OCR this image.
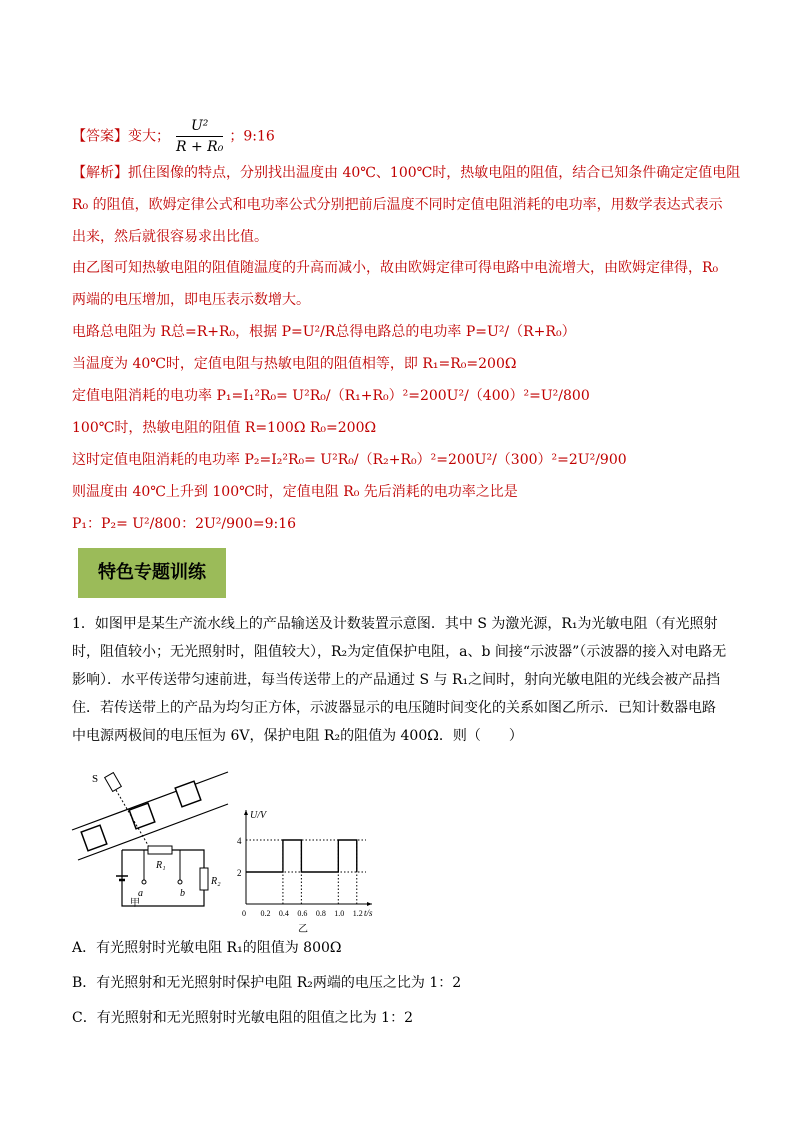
【答案】变大； $\frac{\text{U²}}{\text{R + R₀}}$ ；9:16
【解析】抓住图像的特点，分别找出温度由 40℃、100℃时，热敏电阻的阻值，结合已知条件确定定值电阻
R₀ 的阻值，欧姆定律公式和电功率公式分别把前后温度不同时定值电阻消耗的电功率，用数学表达式表示
出来，然后就很容易求出比值。
由乙图可知热敏电阻的阻值随温度的升高而减小，故由欧姆定律可得电路中电流增大，由欧姆定律得，R₀
两端的电压增加，即电压表示数增大。
电路总电阻为 R总=R+R₀，根据 P=U²/R总得电路总的电功率 P=U²/（R+R₀）
当温度为 40℃时，定值电阻与热敏电阻的阻值相等，即 R₁=R₀=200Ω
定值电阻消耗的电功率 P₁=I₁²R₀= U²R₀/（R₁+R₀）²=200U²/（400）²=U²/800
100℃时，热敏电阻的阻值 R=100Ω R₀=200Ω
这时定值电阻消耗的电功率 P₂=I₂²R₀= U²R₀/（R₂+R₀）²=200U²/（300）²=2U²/900
则温度由 40℃上升到 100℃时，定值电阻 R₀ 先后消耗的电功率之比是
P₁：P₂= U²/800：2U²/900=9:16
特色专题训练
1．如图甲是某生产流水线上的产品输送及计数装置示意图．其中 S 为激光源，R₁为光敏电阻（有光照射时，阻值较小；无光照射时，阻值较大），R₂为定值保护电阻，a、b 间接“示波器”（示波器的接入对电路无影响）．水平传送带匀速前进，每当传送带上的产品通过 S 与 R₁之间时，射向光敏电阻的光线会被产品挡住．若传送带上的产品为均匀正方体，示波器显示的电压随时间变化的关系如图乙所示．已知计数器电路中电源两极间的电压恒为 6V，保护电阻 R₂的阻值为 400Ω．则（　　）
S
R₁
R₂
a	b
甲
2
4
0 0.2 0.4 0.6 0.8 1.0 1.2
U/V
t/s
乙
A．有光照射时光敏电阻 R₁的阻值为 800Ω
B．有光照射和无光照射时保护电阻 R₂两端的电压之比为 1：2
C．有光照射和无光照射时光敏电阻的阻值之比为 1：2
